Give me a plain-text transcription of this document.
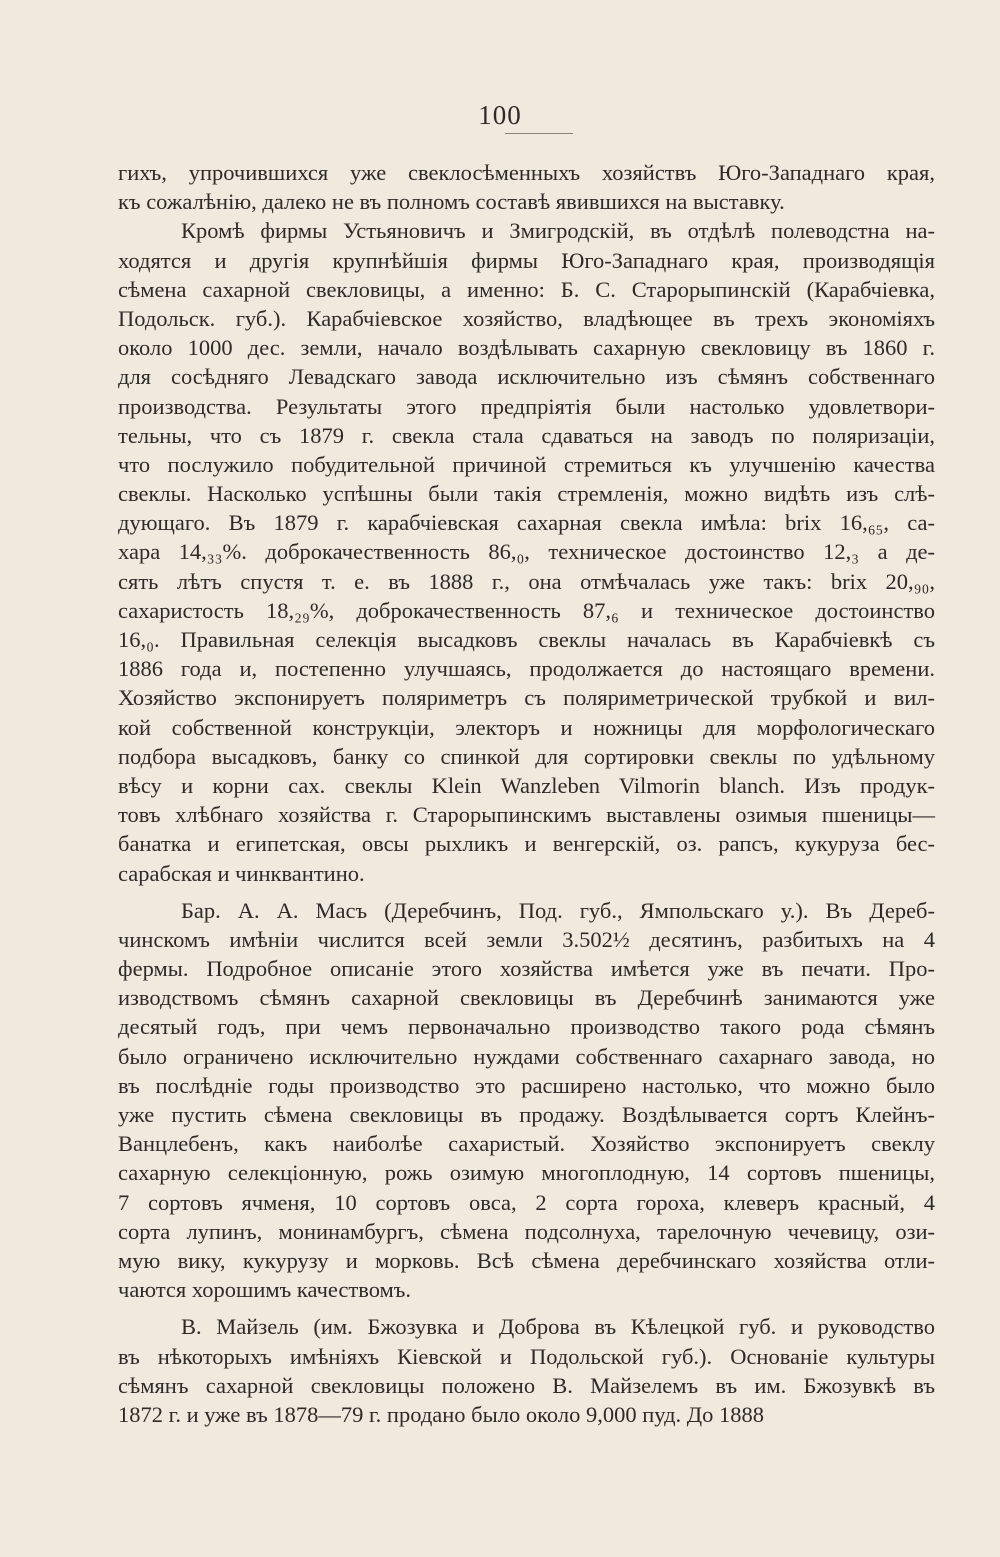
100
гихъ, упрочившихся уже свеклосѣменныхъ хозяйствъ Юго-Западнаго края,
къ сожалѣнію, далеко не въ полномъ составѣ явившихся на выставку.
Кромѣ фирмы Устьяновичъ и Змигродскій, въ отдѣлѣ полеводстна на-
ходятся и другія крупнѣйшія фирмы Юго-Западнаго края, производящія
сѣмена сахарной свекловицы, а именно: Б. С. Старорыпинскій (Карабчіевка,
Подольск. губ.). Карабчіевское хозяйство, владѣющее въ трехъ экономіяхъ
около 1000 дес. земли, начало воздѣлывать сахарную свекловицу въ 1860 г.
для сосѣдняго Левадскаго завода исключительно изъ сѣмянъ собственнаго
производства. Результаты этого предпріятія были настолько удовлетвори-
тельны, что съ 1879 г. свекла стала сдаваться на заводъ по поляризаціи,
что послужило побудительной причиной стремиться къ улучшенію качества
свеклы. Насколько успѣшны были такія стремленія, можно видѣть изъ слѣ-
дующаго. Въ 1879 г. карабчіевская сахарная свекла имѣла: brix 16,₆₅, са-
хара 14,₃₃%. доброкачественность 86,₀, техническое достоинство 12,₃ а де-
сять лѣтъ спустя т. е. въ 1888 г., она отмѣчалась уже такъ: brix 20,₉₀,
сахаристость 18,₂₉%, доброкачественность 87,₆ и техническое достоинство
16,₀. Правильная селекція высадковъ свеклы началась въ Карабчіевкѣ съ
1886 года и, постепенно улучшаясь, продолжается до настоящаго времени.
Хозяйство экспонируетъ поляриметръ съ поляриметрической трубкой и вил-
кой собственной конструкціи, электоръ и ножницы для морфологическаго
подбора высадковъ, банку со спинкой для сортировки свеклы по удѣльному
вѣсу и корни сах. свеклы Klein Wanzleben Vilmorin blanch. Изъ продук-
товъ хлѣбнаго хозяйства г. Старорыпинскимъ выставлены озимыя пшеницы—
банатка и египетская, овсы рыхликъ и венгерскій, оз. рапсъ, кукуруза бес-
сарабская и чинквантино.
Бар. А. А. Масъ (Деребчинъ, Под. губ., Ямпольскаго у.). Въ Дереб-
чинскомъ имѣніи числится всей земли 3.502½ десятинъ, разбитыхъ на 4
фермы. Подробное описаніе этого хозяйства имѣется уже въ печати. Про-
изводствомъ сѣмянъ сахарной свекловицы въ Деребчинѣ занимаются уже
десятый годъ, при чемъ первоначально производство такого рода сѣмянъ
было ограничено исключительно нуждами собственнаго сахарнаго завода, но
въ послѣдніе годы производство это расширено настолько, что можно было
уже пустить сѣмена свекловицы въ продажу. Воздѣлывается сортъ Клейнъ-
Ванцлебенъ, какъ наиболѣе сахаристый. Хозяйство экспонируетъ свеклу
сахарную селекціонную, рожь озимую многоплодную, 14 сортовъ пшеницы,
7 сортовъ ячменя, 10 сортовъ овса, 2 сорта гороха, клеверъ красный, 4
сорта лупинъ, монинамбургъ, сѣмена подсолнуха, тарелочную чечевицу, ози-
мую вику, кукурузу и морковь. Всѣ сѣмена деребчинскаго хозяйства отли-
чаются хорошимъ качествомъ.
В. Майзель (им. Бжозувка и Доброва въ Кѣлецкой губ. и руководство
въ нѣкоторыхъ имѣніяхъ Кіевской и Подольской губ.). Основаніе культуры
сѣмянъ сахарной свекловицы положено В. Майзелемъ въ им. Бжозувкѣ въ
1872 г. и уже въ 1878—79 г. продано было около 9,000 пуд. До 1888
